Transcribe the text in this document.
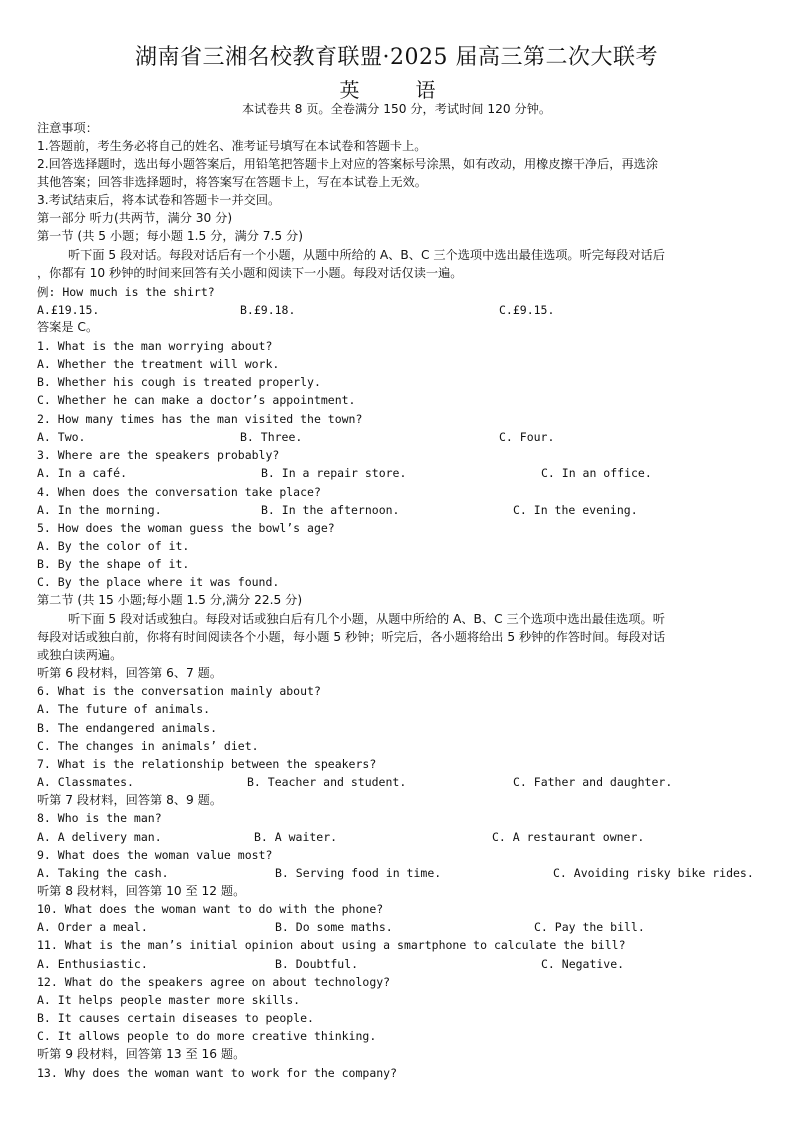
湖南省三湘名校教育联盟·2025 届高三第二次大联考
英　语
本试卷共 8 页。全卷满分 150 分，考试时间 120 分钟。
注意事项：
1.答题前，考生务必将自己的姓名、准考证号填写在本试卷和答题卡上。
2.回答选择题时，选出每小题答案后，用铅笔把答题卡上对应的答案标号涂黑，如有改动，用橡皮擦干净后，再选涂
其他答案；回答非选择题时，将答案写在答题卡上，写在本试卷上无效。
3.考试结束后，将本试卷和答题卡一并交回。
第一部分 听力(共两节，满分 30 分)
第一节 (共 5 小题；每小题 1.5 分，满分 7.5 分)
听下面 5 段对话。每段对话后有一个小题，从题中所给的 A、B、C 三个选项中选出最佳选项。听完每段对话后
，你都有 10 秒钟的时间来回答有关小题和阅读下一小题。每段对话仅读一遍。
例: How much is the shirt?
A.£19.15.	B.£9.18.	C.£9.15.
答案是 C。
1. What is the man worrying about?
A. Whether the treatment will work.
B. Whether his cough is treated properly.
C. Whether he can make a doctor’s appointment.
2. How many times has the man visited the town?
A. Two.	B. Three.	C. Four.
3. Where are the speakers probably?
A. In a café.	B. In a repair store.	C. In an office.
4. When does the conversation take place?
A. In the morning.	B. In the afternoon.	C. In the evening.
5. How does the woman guess the bowl’s age?
A. By the color of it.
B. By the shape of it.
C. By the place where it was found.
第二节 (共 15 小题;每小题 1.5 分,满分 22.5 分)
听下面 5 段对话或独白。每段对话或独白后有几个小题，从题中所给的 A、B、C 三个选项中选出最佳选项。听
每段对话或独白前，你将有时间阅读各个小题，每小题 5 秒钟；听完后，各小题将给出 5 秒钟的作答时间。每段对话
或独白读两遍。
听第 6 段材料，回答第 6、7 题。
6. What is the conversation mainly about?
A. The future of animals.
B. The endangered animals.
C. The changes in animals’ diet.
7. What is the relationship between the speakers?
A. Classmates.	B. Teacher and student.	C. Father and daughter.
听第 7 段材料，回答第 8、9 题。
8. Who is the man?
A. A delivery man.	B. A waiter.	C. A restaurant owner.
9. What does the woman value most?
A. Taking the cash.	B. Serving food in time.	C. Avoiding risky bike rides.
听第 8 段材料，回答第 10 至 12 题。
10. What does the woman want to do with the phone?
A. Order a meal.	B. Do some maths.	C. Pay the bill.
11. What is the man’s initial opinion about using a smartphone to calculate the bill?
A. Enthusiastic.	B. Doubtful.	C. Negative.
12. What do the speakers agree on about technology?
A. It helps people master more skills.
B. It causes certain diseases to people.
C. It allows people to do more creative thinking.
听第 9 段材料，回答第 13 至 16 题。
13. Why does the woman want to work for the company?
